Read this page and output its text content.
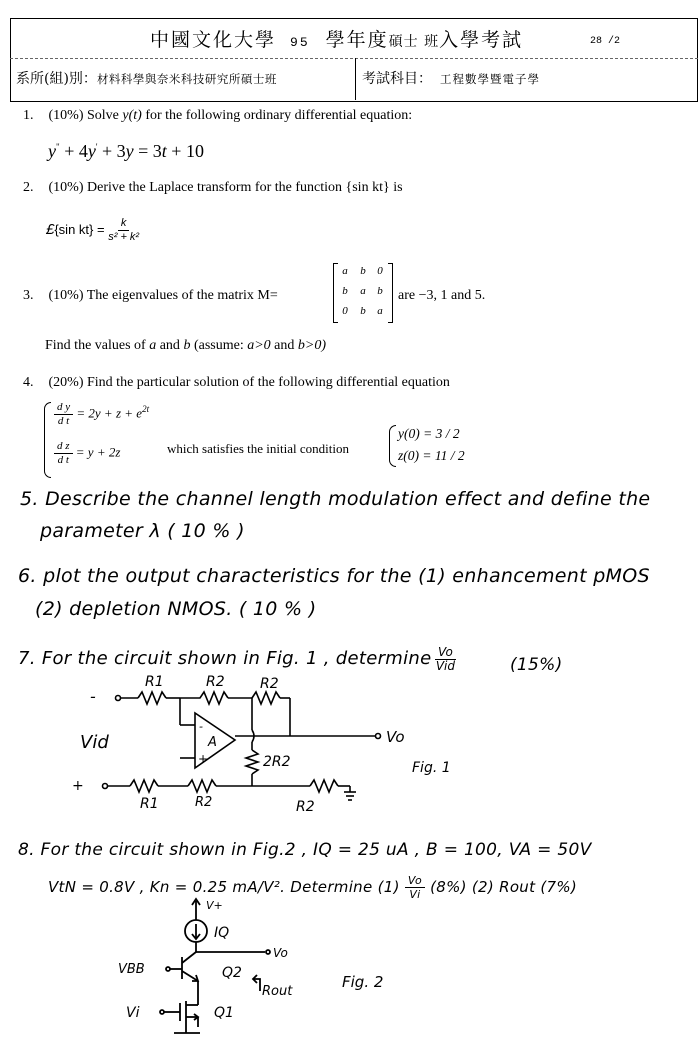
中國文化大學 95 學年度碩士 班入學考試	28 /2
系所(組)別：材料科學與奈米科技研究所碩士班	考試科目： 工程數學暨電子學
1. (10%) Solve y(t) for the following ordinary differential equation:
y" + 4y' + 3y = 3t + 10
2. (10%) Derive the Laplace transform for the function {sin kt} is
£{sin $kt\} = \frac{k}{\text{s² + k²}}$
3. (10%) The eigenvalues of the matrix M=
a	b	0
b	a	b
0	b	a
are −3, 1 and 5.
Find the values of a and b (assume: a>0 and b>0)
4. (20%) Find the particular solution of the following differential equation
$\frac{\text{d y}}{\text{d t}} = 2y + z + e^{2t}$
$\frac{\text{d z}}{\text{d t}} = y + 2z$	which satisfies the initial condition
y(0) = 3 / 2
z(0) = 11 / 2
5. Describe the channel length modulation effect and define the
parameter λ ( 10 % )
6. plot the output characteristics for the (1) enhancement pMOS
(2) depletion NMOS. ( 10 % )
7. For the circuit shown in Fig. 1 , determine $\frac{Vo}{\text{Vid}}$	(15%)
-
+
Vid
R1	R2	R2
A
-
+
Vo
2R2
R1	R2	R2
Fig. 1
8. For the circuit shown in Fig.2 , IQ = 25 uA , B = 100, VA = 50V
VtN = 0.8V , Kn = 0.25 mA/V². Determine $(1) \frac{Vo}{Vi} (8\%)$ (2) Rout (7%)
V+
IQ
Vo
VBB	Q2
Rout
Vi	Q1
Fig. 2
